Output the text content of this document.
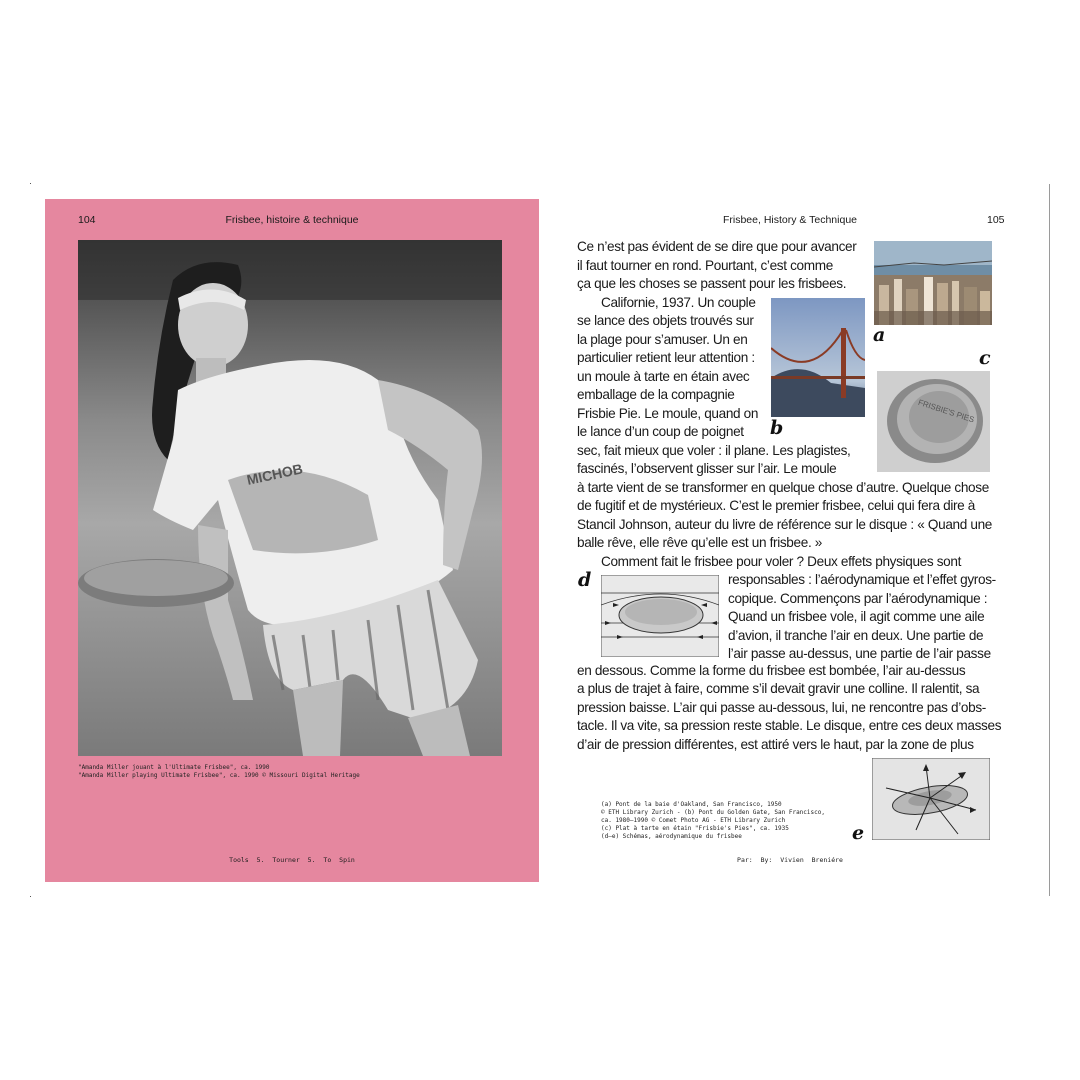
104	Frisbee, histoire & technique
MICHOB
"Amanda Miller jouant à l'Ultimate Frisbee", ca. 1990
"Amanda Miller playing Ultimate Frisbee", ca. 1990 © Missouri Digital Heritage
Tools 5. Tourner 5. To Spin
Frisbee, History & Technique	105
Ce n’est pas évident de se dire que pour avancer
il faut tourner en rond. Pourtant, c’est comme
ça que les choses se passent pour les frisbees.
Californie, 1937. Un couple
se lance des objets trouvés sur
la plage pour s’amuser. Un en
particulier retient leur attention :
un moule à tarte en étain avec
emballage de la compagnie
Frisbie Pie. Le moule, quand on
le lance d’un coup de poignet
sec, fait mieux que voler : il plane. Les plagistes,
fascinés, l’observent glisser sur l’air. Le moule
à tarte vient de se transformer en quelque chose d’autre. Quelque chose
de fugitif et de mystérieux. C’est le premier frisbee, celui qui fera dire à
Stancil Johnson, auteur du livre de référence sur le disque : « Quand une
balle rêve, elle rêve qu’elle est un frisbee. »
Comment fait le frisbee pour voler ? Deux effets physiques sont
responsables : l’aérodynamique et l’effet gyros-
copique. Commençons par l’aérodynamique :
Quand un frisbee vole, il agit comme une aile
d’avion, il tranche l’air en deux. Une partie de
l’air passe au-dessus, une partie de l’air passe
en dessous. Comme la forme du frisbee est bombée, l’air au-dessus
a plus de trajet à faire, comme s’il devait gravir une colline. Il ralentit, sa
pression baisse. L’air qui passe au-dessous, lui, ne rencontre pas d’obs-
tacle. Il va vite, sa pression reste stable. Le disque, entre ces deux masses
d’air de pression différentes, est attiré vers le haut, par la zone de plus
a
b
c
FRISBIE'S PIES
d
e
(a) Pont de la baie d'Oakland, San Francisco, 1950
© ETH Library Zurich - (b) Pont du Golden Gate, San Francisco,
ca. 1980–1990 © Comet Photo AG - ETH Library Zurich
(c) Plat à tarte en étain "Frisbie's Pies", ca. 1935
(d–e) Schémas, aérodynamique du frisbee
Par: By: Vivien Breniére
